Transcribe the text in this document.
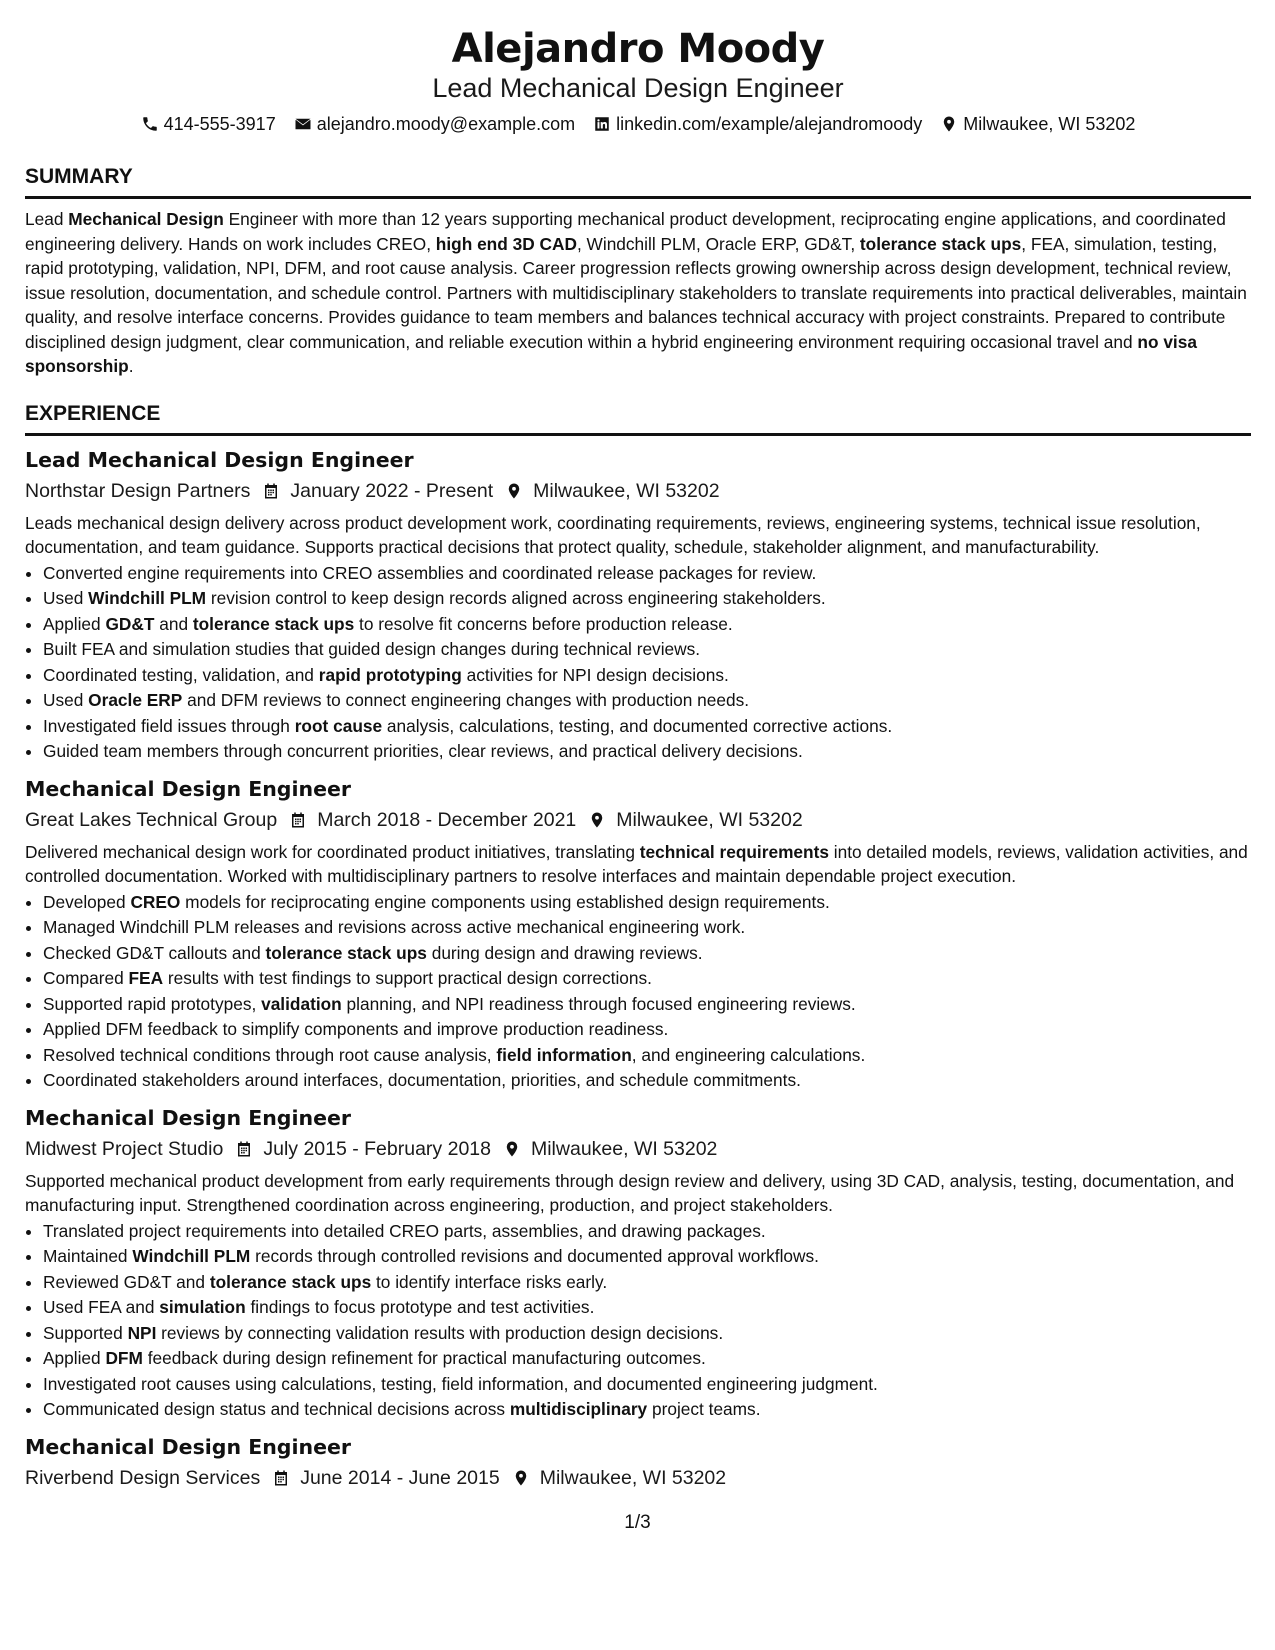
Alejandro Moody
Lead Mechanical Design Engineer
414-555-3917 alejandro.moody@example.com linkedin.com/example/alejandromoody Milwaukee, WI 53202
SUMMARY
Lead Mechanical Design Engineer with more than 12 years supporting mechanical product development, reciprocating engine applications, and coordinated engineering delivery. Hands on work includes CREO, high end 3D CAD, Windchill PLM, Oracle ERP, GD&T, tolerance stack ups, FEA, simulation, testing, rapid prototyping, validation, NPI, DFM, and root cause analysis. Career progression reflects growing ownership across design development, technical review, issue resolution, documentation, and schedule control. Partners with multidisciplinary stakeholders to translate requirements into practical deliverables, maintain quality, and resolve interface concerns. Provides guidance to team members and balances technical accuracy with project constraints. Prepared to contribute disciplined design judgment, clear communication, and reliable execution within a hybrid engineering environment requiring occasional travel and no visa sponsorship.
EXPERIENCE
Lead Mechanical Design Engineer
Northstar Design Partners January 2022 - Present Milwaukee, WI 53202
Leads mechanical design delivery across product development work, coordinating requirements, reviews, engineering systems, technical issue resolution, documentation, and team guidance. Supports practical decisions that protect quality, schedule, stakeholder alignment, and manufacturability.
• Converted engine requirements into CREO assemblies and coordinated release packages for review.
• Used Windchill PLM revision control to keep design records aligned across engineering stakeholders.
• Applied GD&T and tolerance stack ups to resolve fit concerns before production release.
• Built FEA and simulation studies that guided design changes during technical reviews.
• Coordinated testing, validation, and rapid prototyping activities for NPI design decisions.
• Used Oracle ERP and DFM reviews to connect engineering changes with production needs.
• Investigated field issues through root cause analysis, calculations, testing, and documented corrective actions.
• Guided team members through concurrent priorities, clear reviews, and practical delivery decisions.
Mechanical Design Engineer
Great Lakes Technical Group March 2018 - December 2021 Milwaukee, WI 53202
Delivered mechanical design work for coordinated product initiatives, translating technical requirements into detailed models, reviews, validation activities, and controlled documentation. Worked with multidisciplinary partners to resolve interfaces and maintain dependable project execution.
• Developed CREO models for reciprocating engine components using established design requirements.
• Managed Windchill PLM releases and revisions across active mechanical engineering work.
• Checked GD&T callouts and tolerance stack ups during design and drawing reviews.
• Compared FEA results with test findings to support practical design corrections.
• Supported rapid prototypes, validation planning, and NPI readiness through focused engineering reviews.
• Applied DFM feedback to simplify components and improve production readiness.
• Resolved technical conditions through root cause analysis, field information, and engineering calculations.
• Coordinated stakeholders around interfaces, documentation, priorities, and schedule commitments.
Mechanical Design Engineer
Midwest Project Studio July 2015 - February 2018 Milwaukee, WI 53202
Supported mechanical product development from early requirements through design review and delivery, using 3D CAD, analysis, testing, documentation, and manufacturing input. Strengthened coordination across engineering, production, and project stakeholders.
• Translated project requirements into detailed CREO parts, assemblies, and drawing packages.
• Maintained Windchill PLM records through controlled revisions and documented approval workflows.
• Reviewed GD&T and tolerance stack ups to identify interface risks early.
• Used FEA and simulation findings to focus prototype and test activities.
• Supported NPI reviews by connecting validation results with production design decisions.
• Applied DFM feedback during design refinement for practical manufacturing outcomes.
• Investigated root causes using calculations, testing, field information, and documented engineering judgment.
• Communicated design status and technical decisions across multidisciplinary project teams.
Mechanical Design Engineer
Riverbend Design Services June 2014 - June 2015 Milwaukee, WI 53202
1/3
